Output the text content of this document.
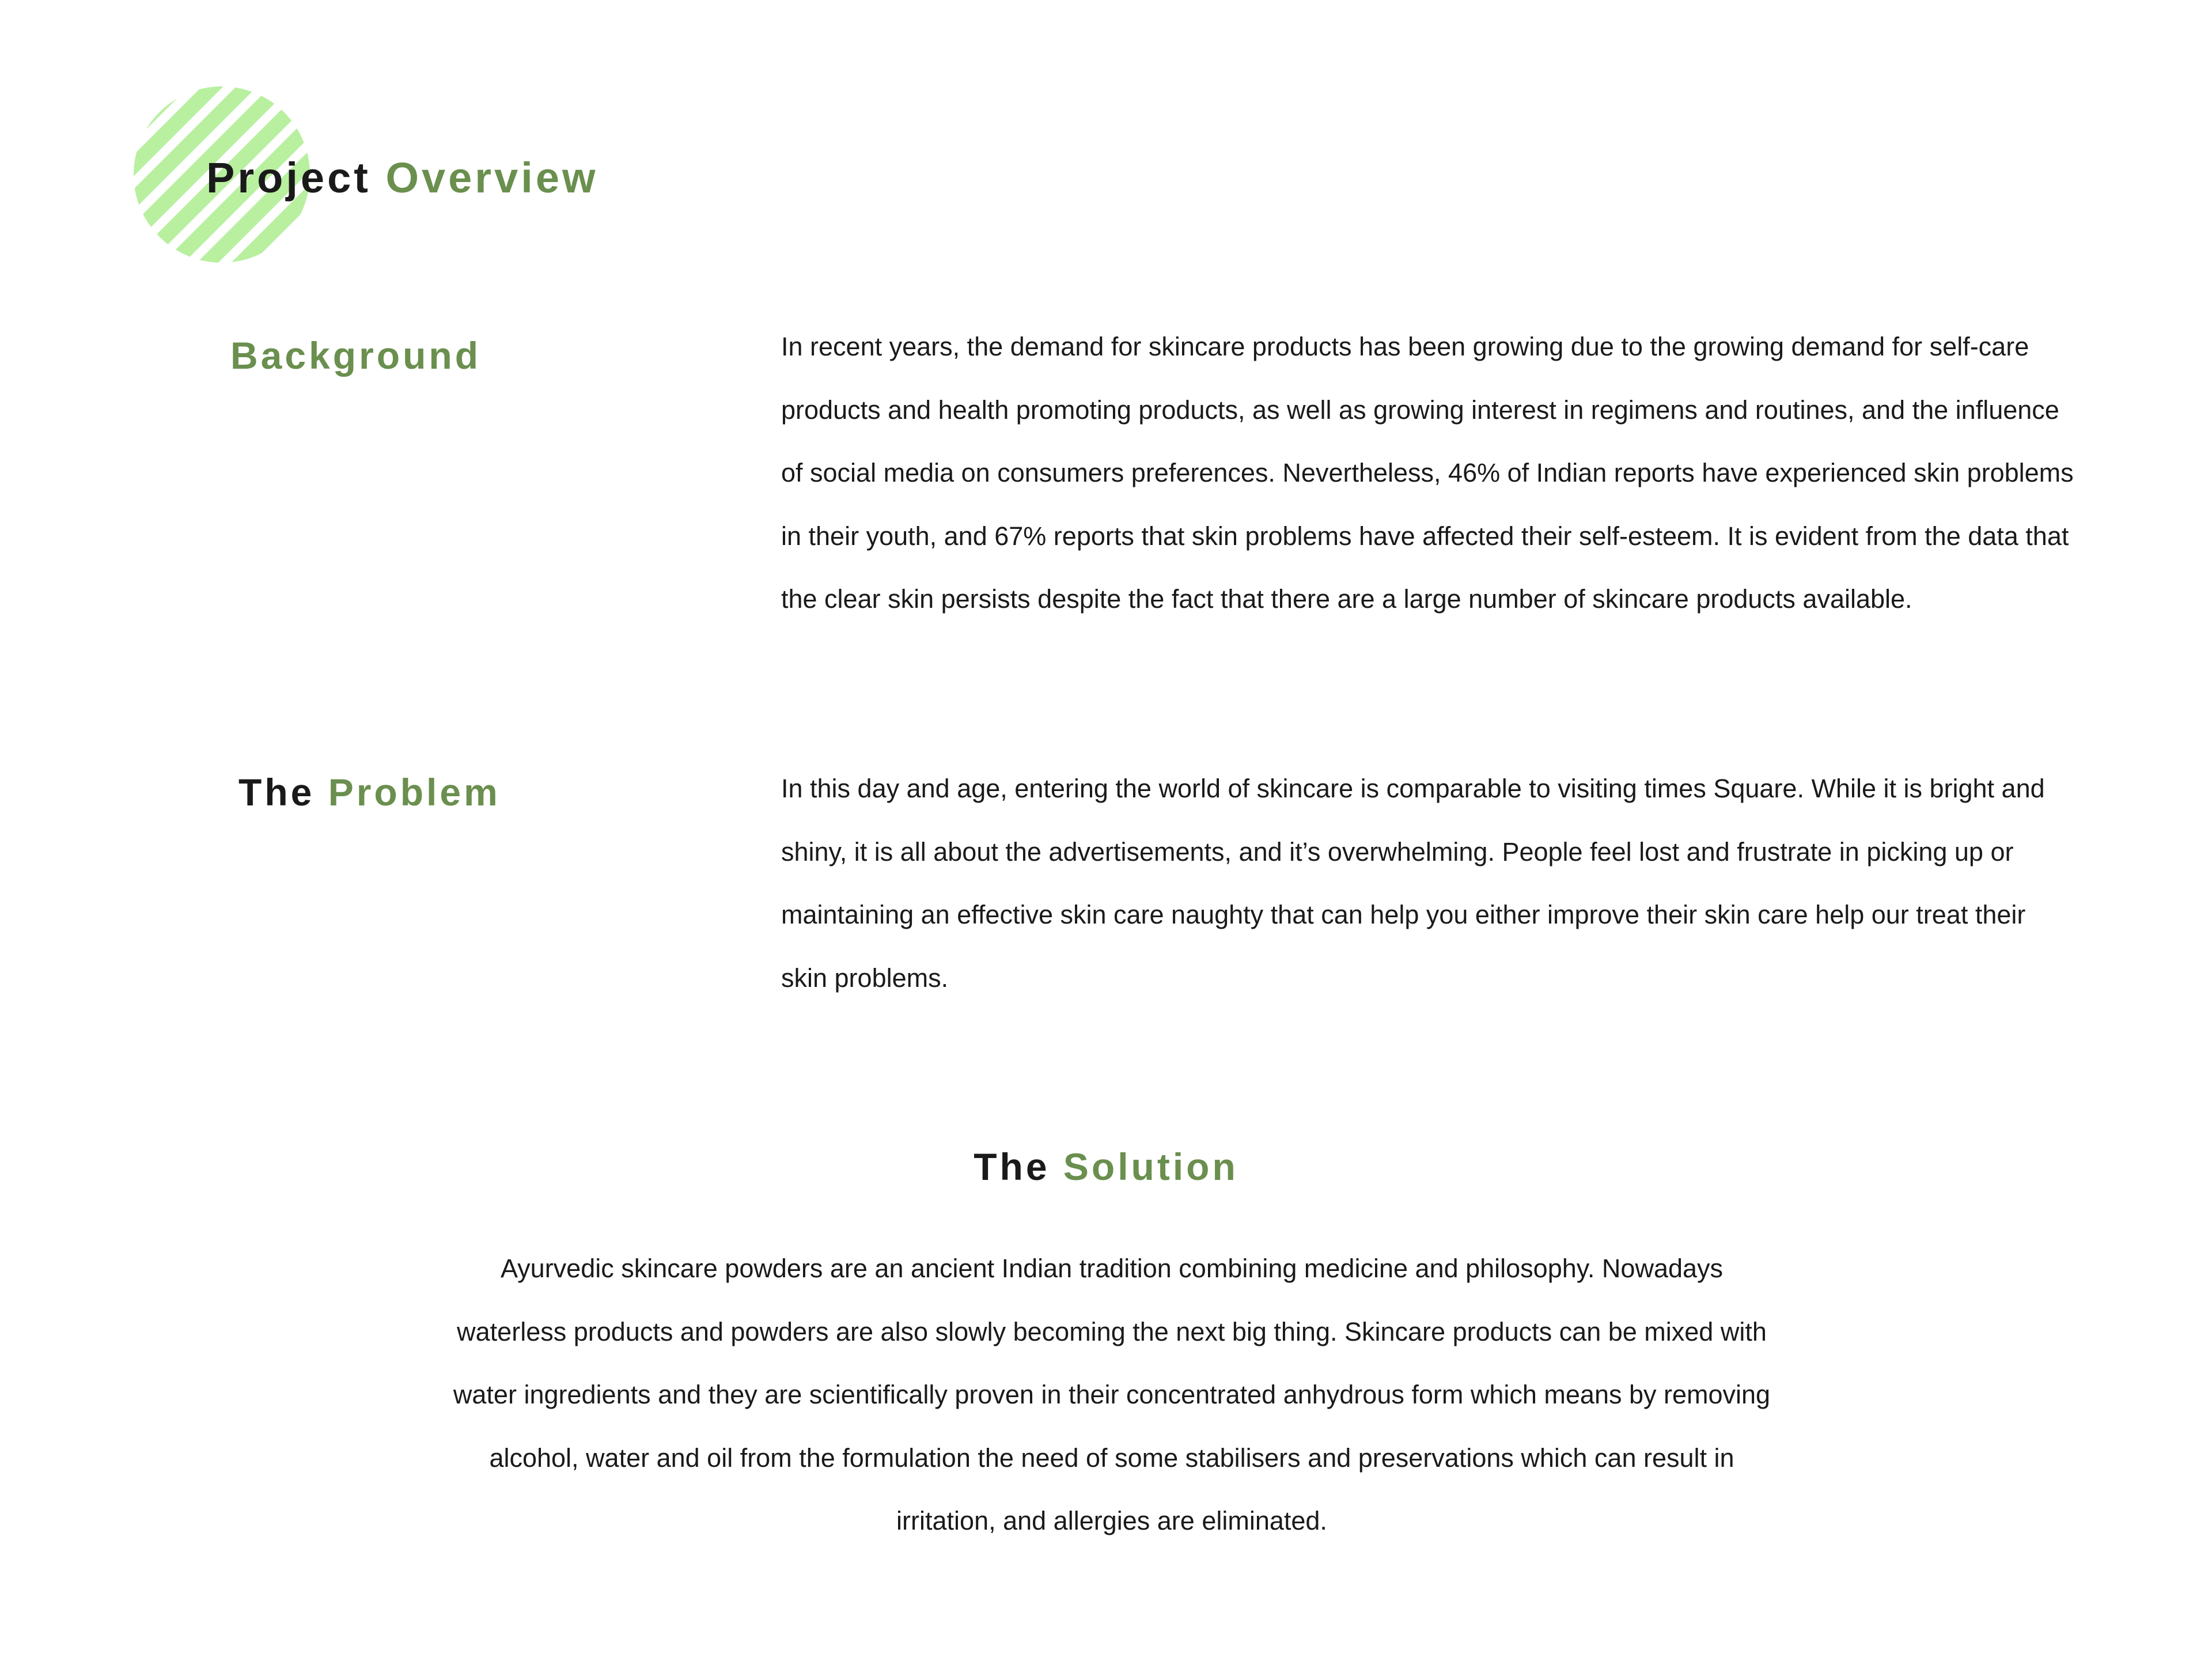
Project Overview
Background	In recent years, the demand for skincare products has been growing due to the growing demand for self-care products and health promoting products, as well as growing interest in regimens and routines, and the influence of social media on consumers preferences. Nevertheless, 46% of Indian reports have experienced skin problems in their youth, and 67% reports that skin problems have affected their self-esteem. It is evident from the data that the clear skin persists despite the fact that there are a large number of skincare products available.

The Problem	In this day and age, entering the world of skincare is comparable to visiting times Square. While it is bright and shiny, it is all about the advertisements, and it’s overwhelming. People feel lost and frustrate in picking up or maintaining an effective skin care naughty that can help you either improve their skin care help our treat their skin problems.

The Solution

Ayurvedic skincare powders are an ancient Indian tradition combining medicine and philosophy. Nowadays waterless products and powders are also slowly becoming the next big thing. Skincare products can be mixed with water ingredients and they are scientifically proven in their concentrated anhydrous form which means by removing alcohol, water and oil from the formulation the need of some stabilisers and preservations which can result in irritation, and allergies are eliminated.
